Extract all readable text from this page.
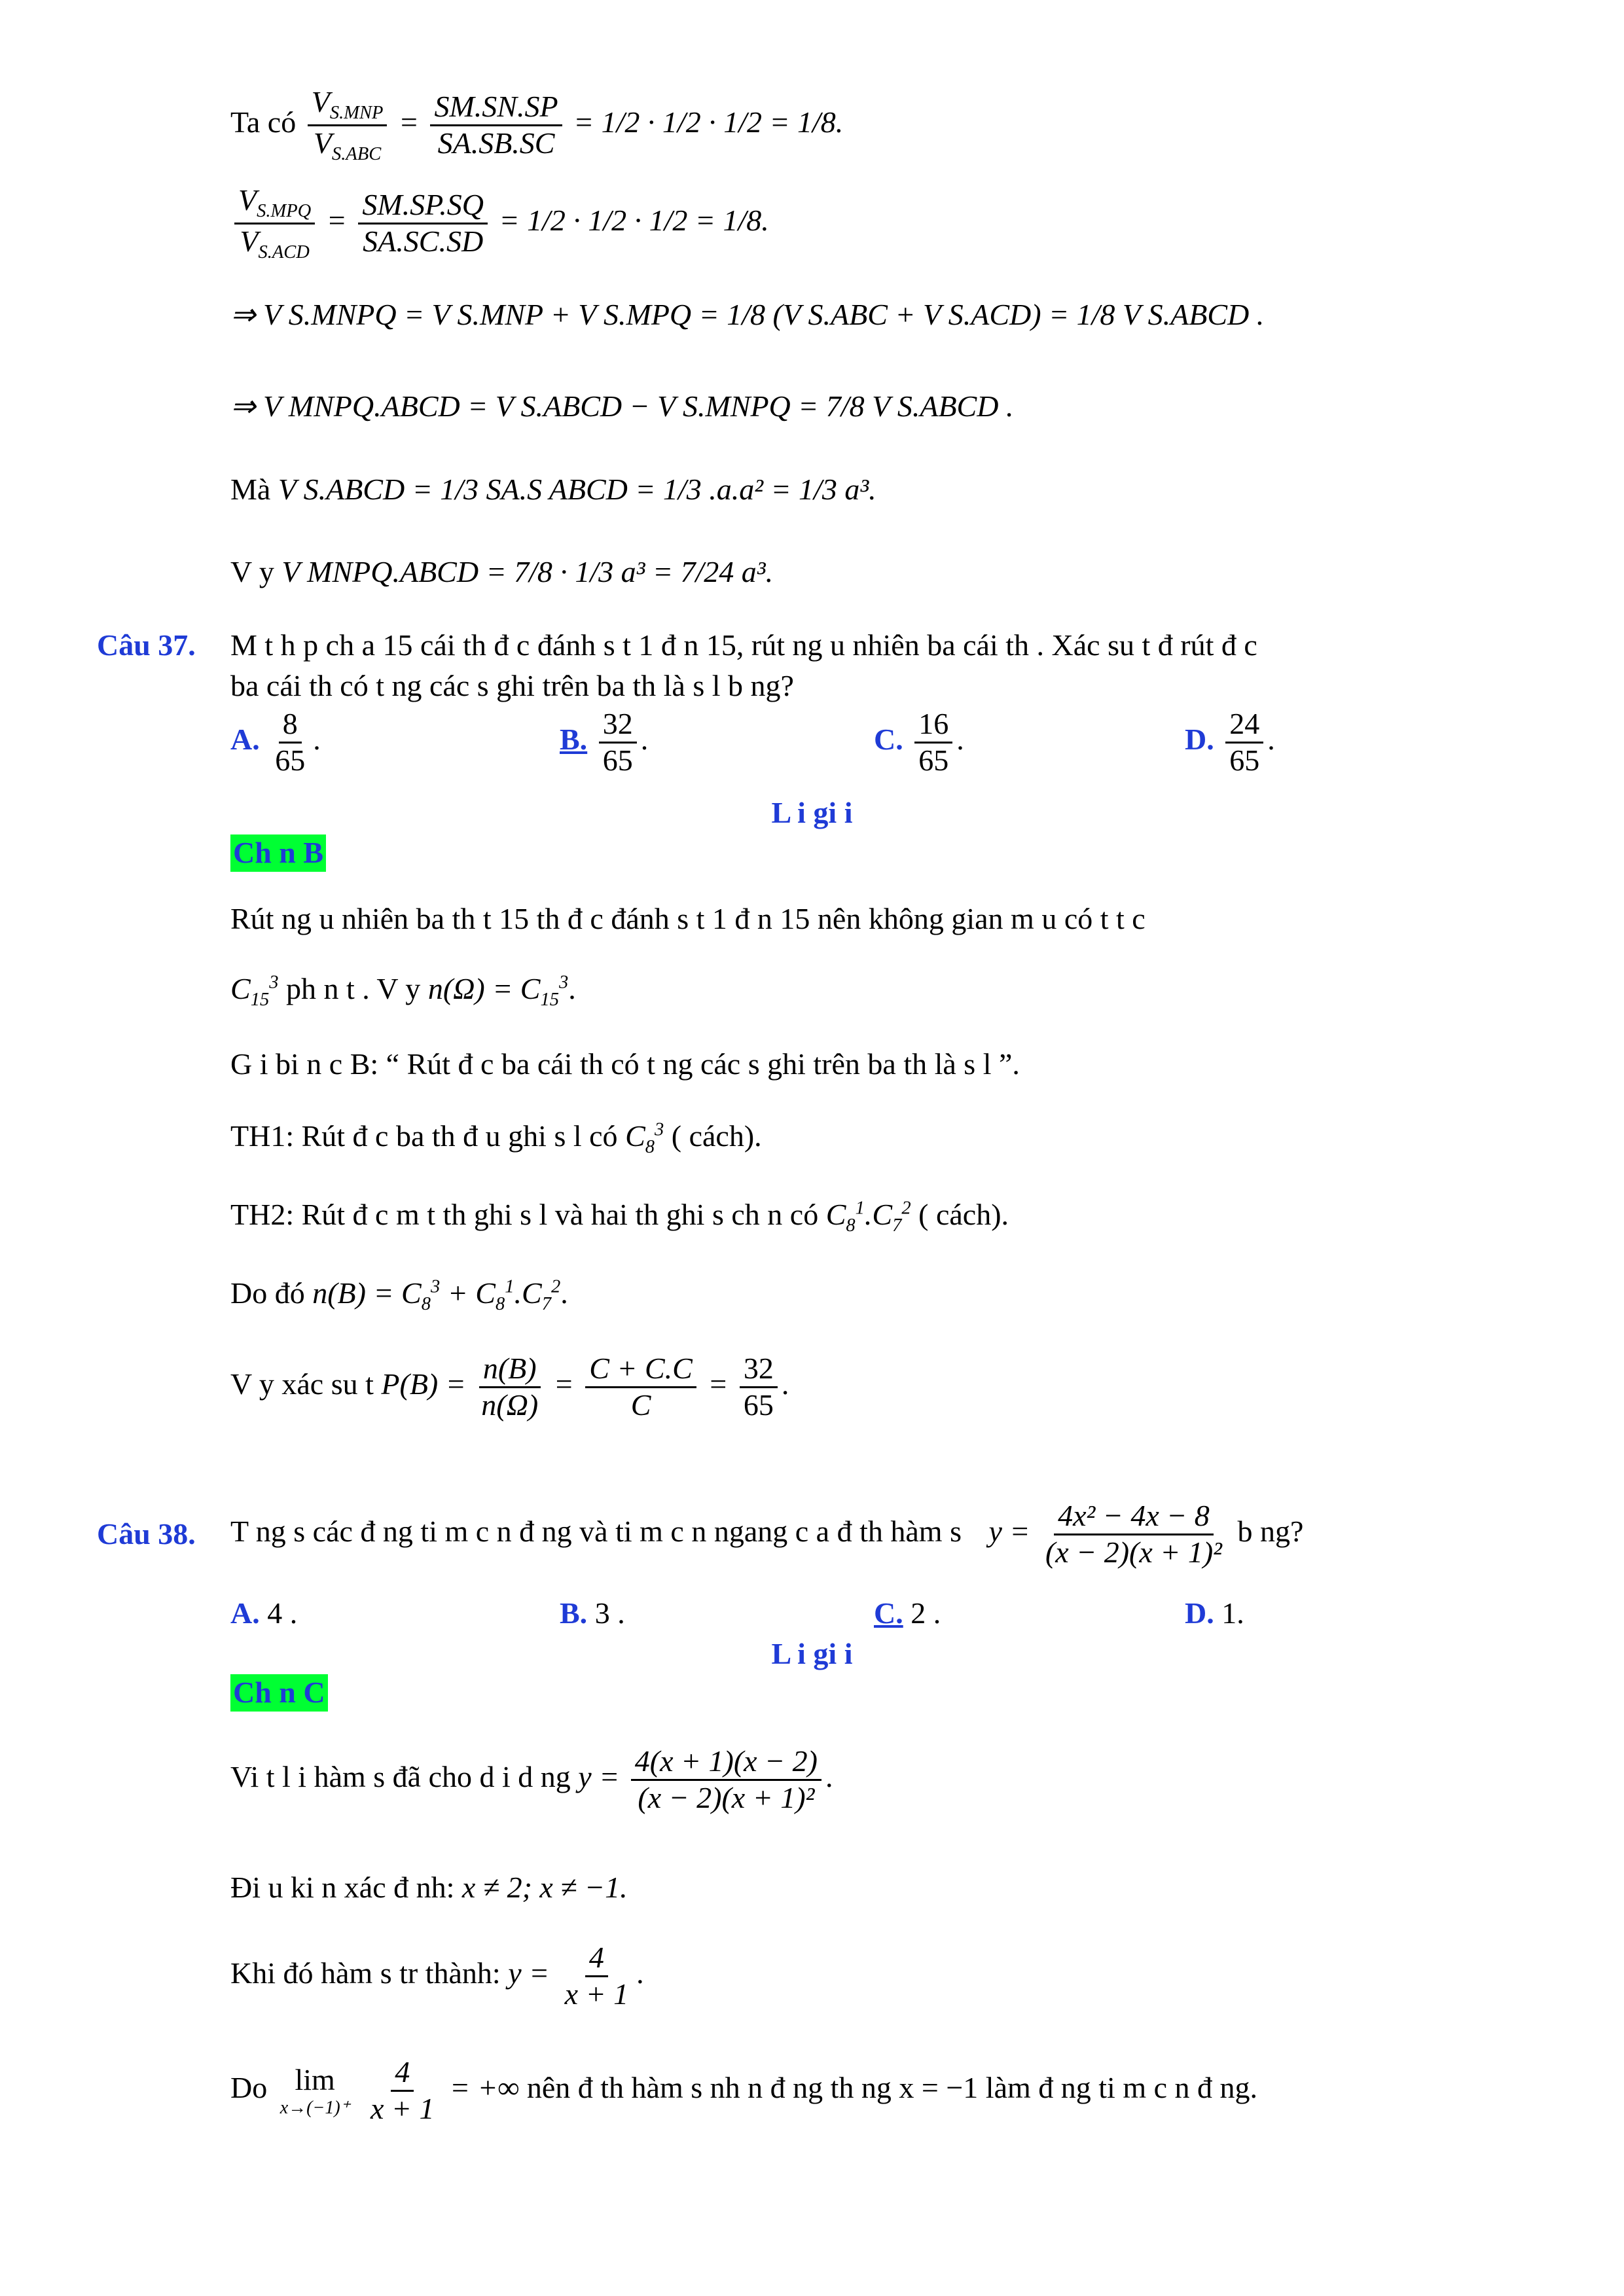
Ta có $\frac{V_{S.MNP}}{V_{S.ABC}} = \frac{SM.SN.SP}{SA.SB.SC} = 1/2 \cdot 1/2 \cdot 1/2 = 1/8$.
$\frac{V_{S.MPQ}}{V_{S.ACD}} = \frac{SM.SP.SQ}{SA.SC.SD} = 1/2 \cdot 1/2 \cdot 1/2 = 1/8$.
⇒ V S.MNPQ = V S.MNP + V S.MPQ = 1/8 (V S.ABC + V S.ACD) = 1/8 V S.ABCD .
⇒ V MNPQ.ABCD = V S.ABCD − V S.MNPQ = 7/8 V S.ABCD .
Mà V S.ABCD = 1/3 SA.S ABCD = 1/3 .a.a² = 1/3 a³.
V y V MNPQ.ABCD = 7/8 · 1/3 a³ = 7/24 a³.
Câu 37. M t h p ch a 15 cái th đ c đánh s t 1 đ n 15, rút ng u nhiên ba cái th . Xác su t đ rút đ c
ba cái th có t ng các s ghi trên ba th là s l b ng?
A. $\frac{8}{65}$ .	B. $\frac{32}{65}$ .	C. $\frac{16}{65}$ .	D. $\frac{24}{65}$ .
L i gi i
Ch n B
Rút ng u nhiên ba th t 15 th đ c đánh s t 1 đ n 15 nên không gian m u có t t c
$C_{15}^3$ ph n t . V y $n(\Omega) = C_{15}^3$.
G i bi n c B: “ Rút đ c ba cái th có t ng các s ghi trên ba th là s l ”.
TH1: Rút đ c ba th đ u ghi s l có $C_8^3$ ( cách).
TH2: Rút đ c m t th ghi s l và hai th ghi s ch n có $C_8^1.C_7^2$ ( cách).
Do đó $n(B) = C_8^3 + C_8^1.C_7^2$.
V y xác su t $P(B) = \frac{n(B)}{n(\Omega)} = \frac{C + C.C}{C} = \frac{32}{65}$ .
Câu 38. T ng s các đ ng ti m c n đ ng và ti m c n ngang c a đ th hàm s $y = \frac{\text{4x² − 4x − 8}}{\text{(x − 2)(x + 1)²}}$ b ng?
A. 4 .	B. 3 .	C. 2 .	D. 1.
L i gi i
Ch n C
Vi t l i hàm s đã cho d i d ng $y = \frac{4(x + 1)(x - 2)}{\text{(x − 2)(x + 1)²}}$ .
Đi u ki n xác đ nh: x ≠ 2; x ≠ −1.
Khi đó hàm s tr thành: $y = \frac{4}{x + 1}$ .
Do lim
x→(−1)⁺
$\frac{4}{x + 1}$ = +∞ nên đ th hàm s nh n đ ng th ng x = −1 làm đ ng ti m c n đ ng.
